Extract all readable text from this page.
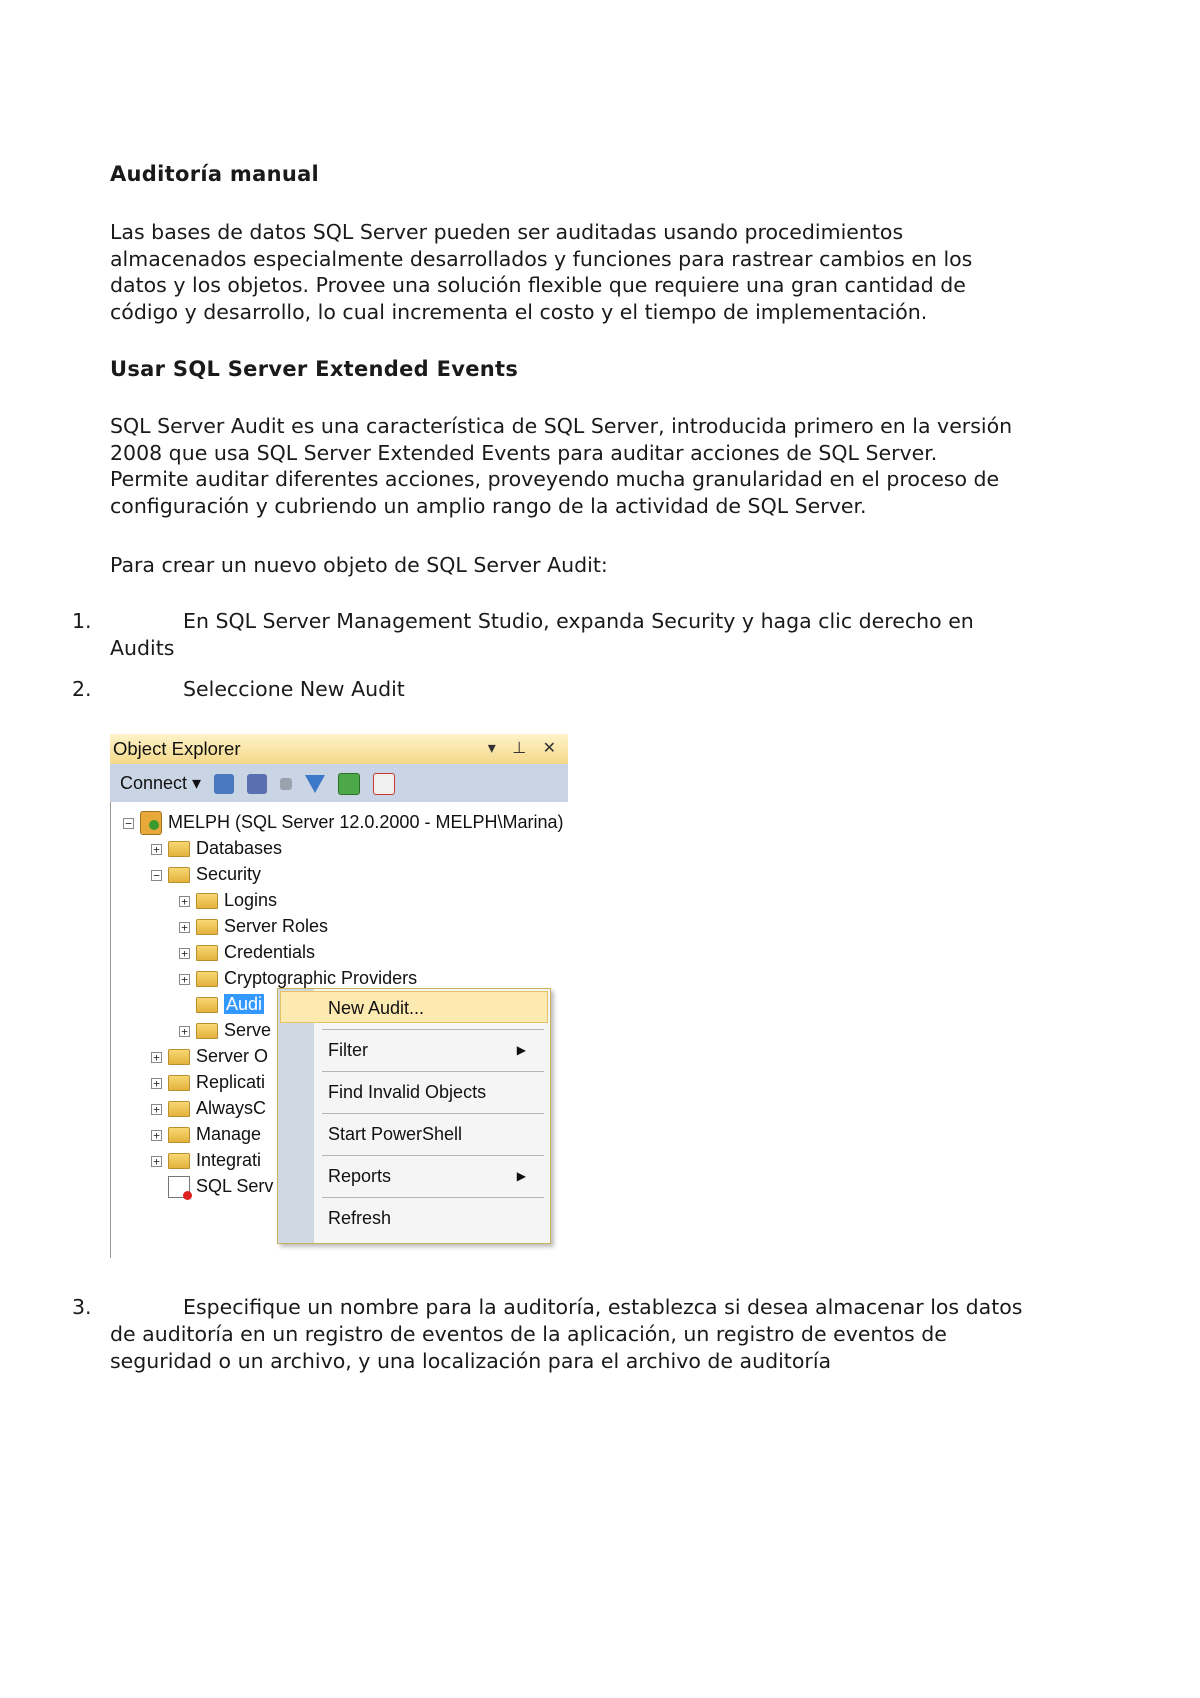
Auditoría manual

Las bases de datos SQL Server pueden ser auditadas usando procedimientos

almacenados especialmente desarrollados y funciones para rastrear cambios en los

datos y los objetos. Provee una solución flexible que requiere una gran cantidad de

código y desarrollo, lo cual incrementa el costo y el tiempo de implementación.

Usar SQL Server Extended Events

SQL Server Audit es una característica de SQL Server, introducida primero en la versión

2008 que usa SQL Server Extended Events para auditar acciones de SQL Server.

Permite auditar diferentes acciones, proveyendo mucha granularidad en el proceso de

configuración y cubriendo un amplio rango de la actividad de SQL Server.

Para crear un nuevo objeto de SQL Server Audit:

1.	En SQL Server Management Studio, expanda Security y haga clic derecho en

Audits

2.	Seleccione New Audit

Object Explorer	▾ ⊥ ✕
Connect ▾
− MELPH (SQL Server 12.0.2000 - MELPH\Marina)
+ Databases
− Security
+ Logins
+ Server Roles
+ Credentials
+ Cryptographic Providers
Audi
+ Serve
+ Server O
+ Replicati
+ AlwaysC
+ Manage
+ Integrati
SQL Serv
New Audit...
Filter	▶
Find Invalid Objects
Start PowerShell
Reports	▶
Refresh
3.	Especifique un nombre para la auditoría, establezca si desea almacenar los datos

de auditoría en un registro de eventos de la aplicación, un registro de eventos de

seguridad o un archivo, y una localización para el archivo de auditoría
